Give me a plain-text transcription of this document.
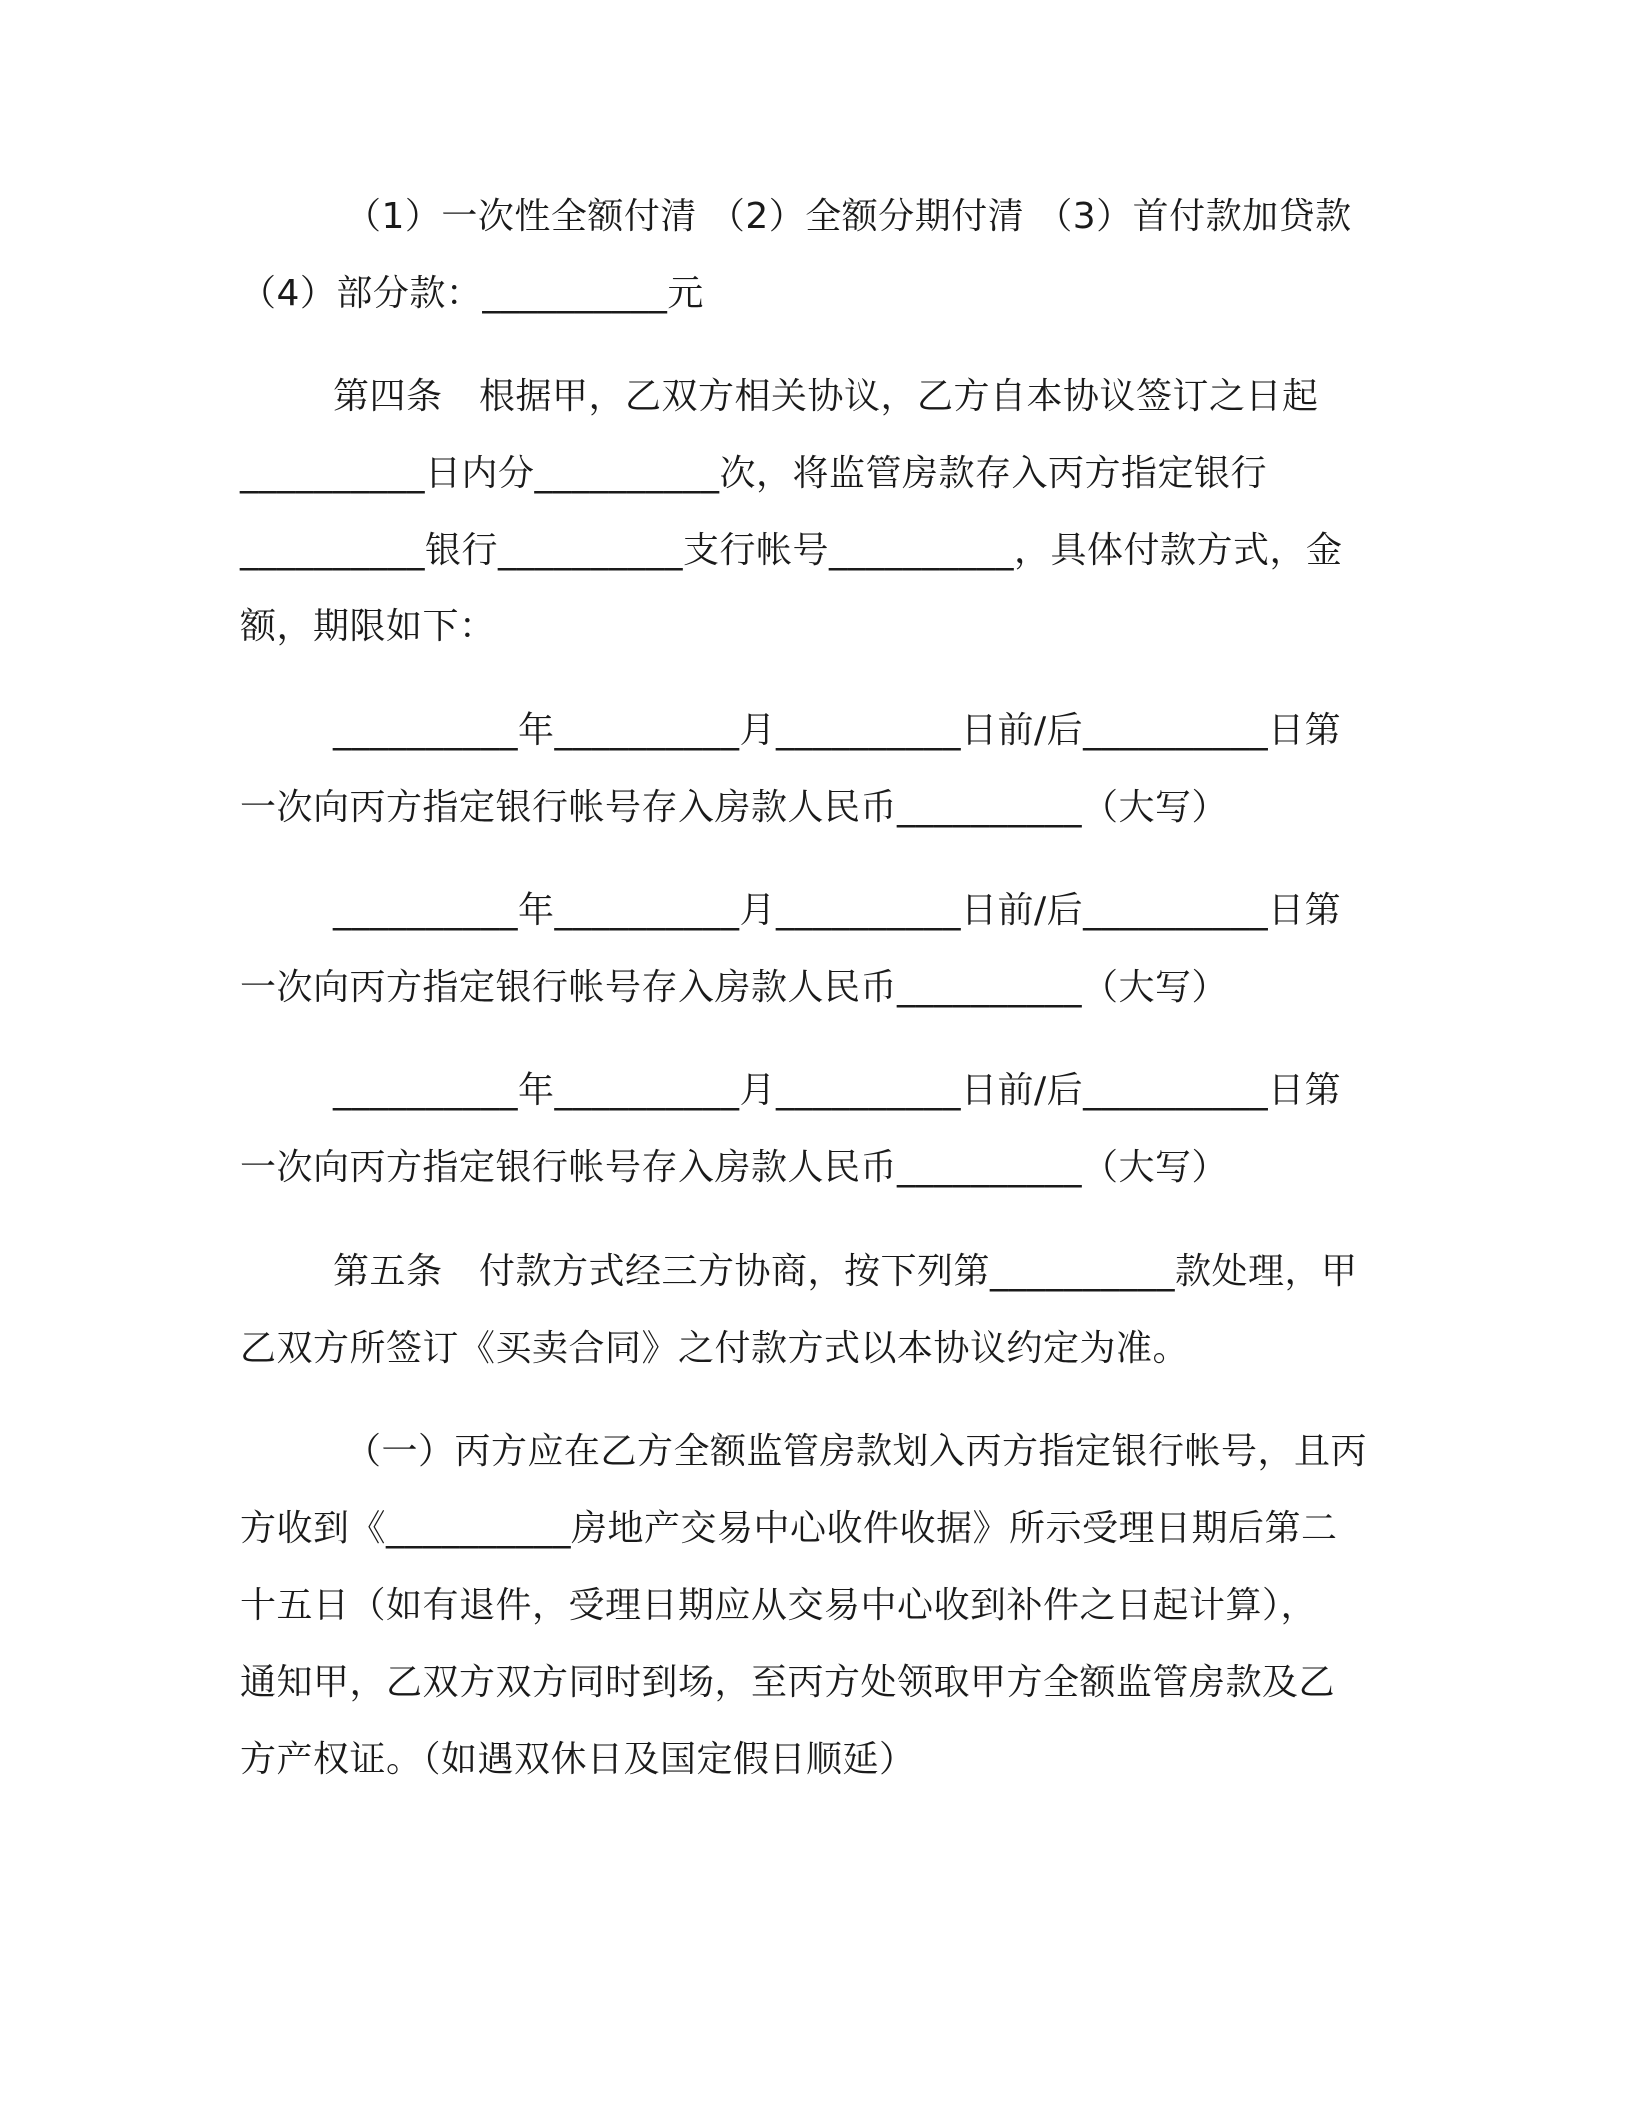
（1）一次性全额付清 （2）全额分期付清 （3）首付款加贷款
（4）部分款：__________元
第四条　根据甲，乙双方相关协议，乙方自本协议签订之日起
__________日内分__________次，将监管房款存入丙方指定银行
__________银行__________支行帐号__________，具体付款方式，金
额，期限如下：
__________年__________月__________日前/后__________日第
一次向丙方指定银行帐号存入房款人民币__________（大写）
__________年__________月__________日前/后__________日第
一次向丙方指定银行帐号存入房款人民币__________（大写）
__________年__________月__________日前/后__________日第
一次向丙方指定银行帐号存入房款人民币__________（大写）
第五条　付款方式经三方协商，按下列第__________款处理，甲
乙双方所签订《买卖合同》之付款方式以本协议约定为准。
（一）丙方应在乙方全额监管房款划入丙方指定银行帐号，且丙
方收到《__________房地产交易中心收件收据》所示受理日期后第二
十五日（如有退件，受理日期应从交易中心收到补件之日起计算），
通知甲，乙双方双方同时到场，至丙方处领取甲方全额监管房款及乙
方产权证。（如遇双休日及国定假日顺延）
